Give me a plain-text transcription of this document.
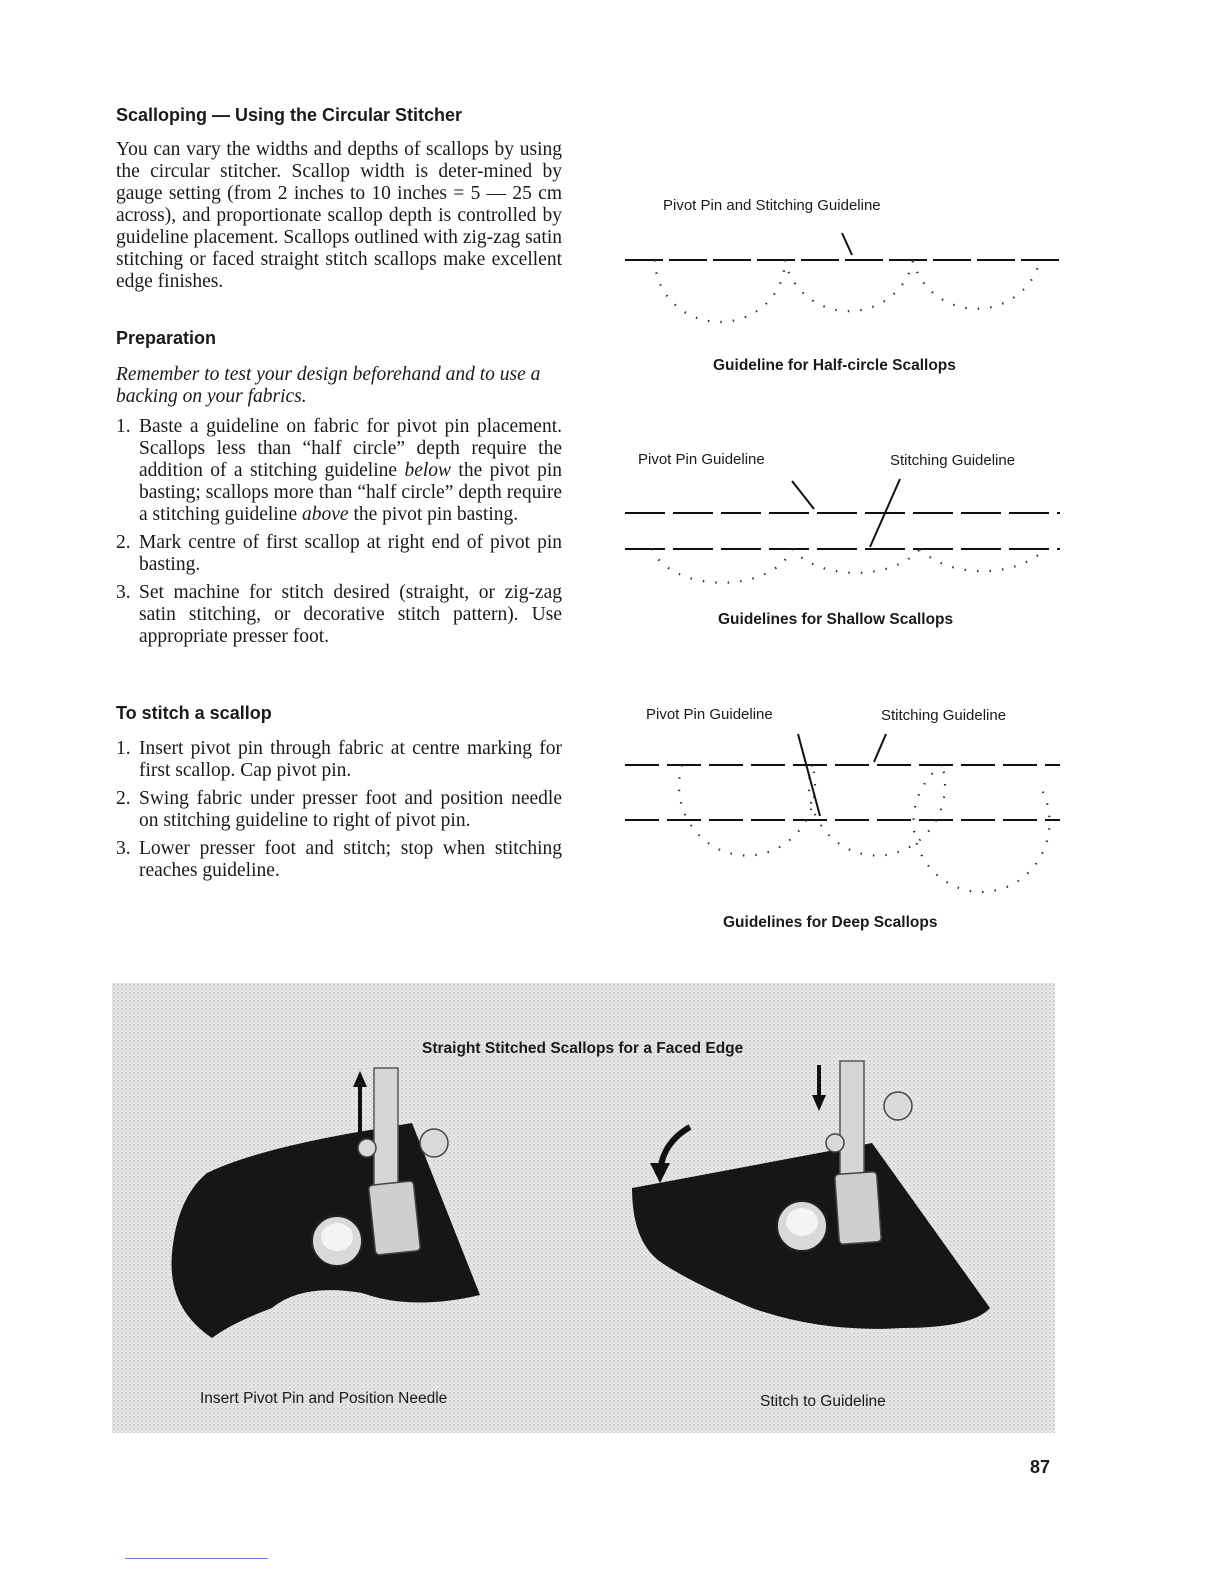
Scalloping — Using the Circular Stitcher
You can vary the widths and depths of scallops by using the circular stitcher. Scallop width is deter-mined by gauge setting (from 2 inches to 10 inches = 5 — 25 cm across), and proportionate scallop depth is controlled by guideline placement. Scallops outlined with zig-zag satin stitching or faced straight stitch scallops make excellent edge finishes.
Preparation
Remember to test your design beforehand and to use a backing on your fabrics.
1. Baste a guideline on fabric for pivot pin placement. Scallops less than “half circle” depth require the addition of a stitching guideline below the pivot pin basting; scallops more than “half circle” depth require a stitching guideline above the pivot pin basting.
2. Mark centre of first scallop at right end of pivot pin basting.
3. Set machine for stitch desired (straight, or zig-zag satin stitching, or decorative stitch pattern). Use appropriate presser foot.
To stitch a scallop
1. Insert pivot pin through fabric at centre marking for first scallop. Cap pivot pin.
2. Swing fabric under presser foot and position needle on stitching guideline to right of pivot pin.
3. Lower presser foot and stitch; stop when stitching reaches guideline.
Pivot Pin and Stitching Guideline
Guideline for Half-circle Scallops
Pivot Pin Guideline	Stitching Guideline
Guidelines for Shallow Scallops
Pivot Pin Guideline	Stitching Guideline
Guidelines for Deep Scallops
Straight Stitched Scallops for a Faced Edge
Insert Pivot Pin and Position Needle	Stitch to Guideline
87
